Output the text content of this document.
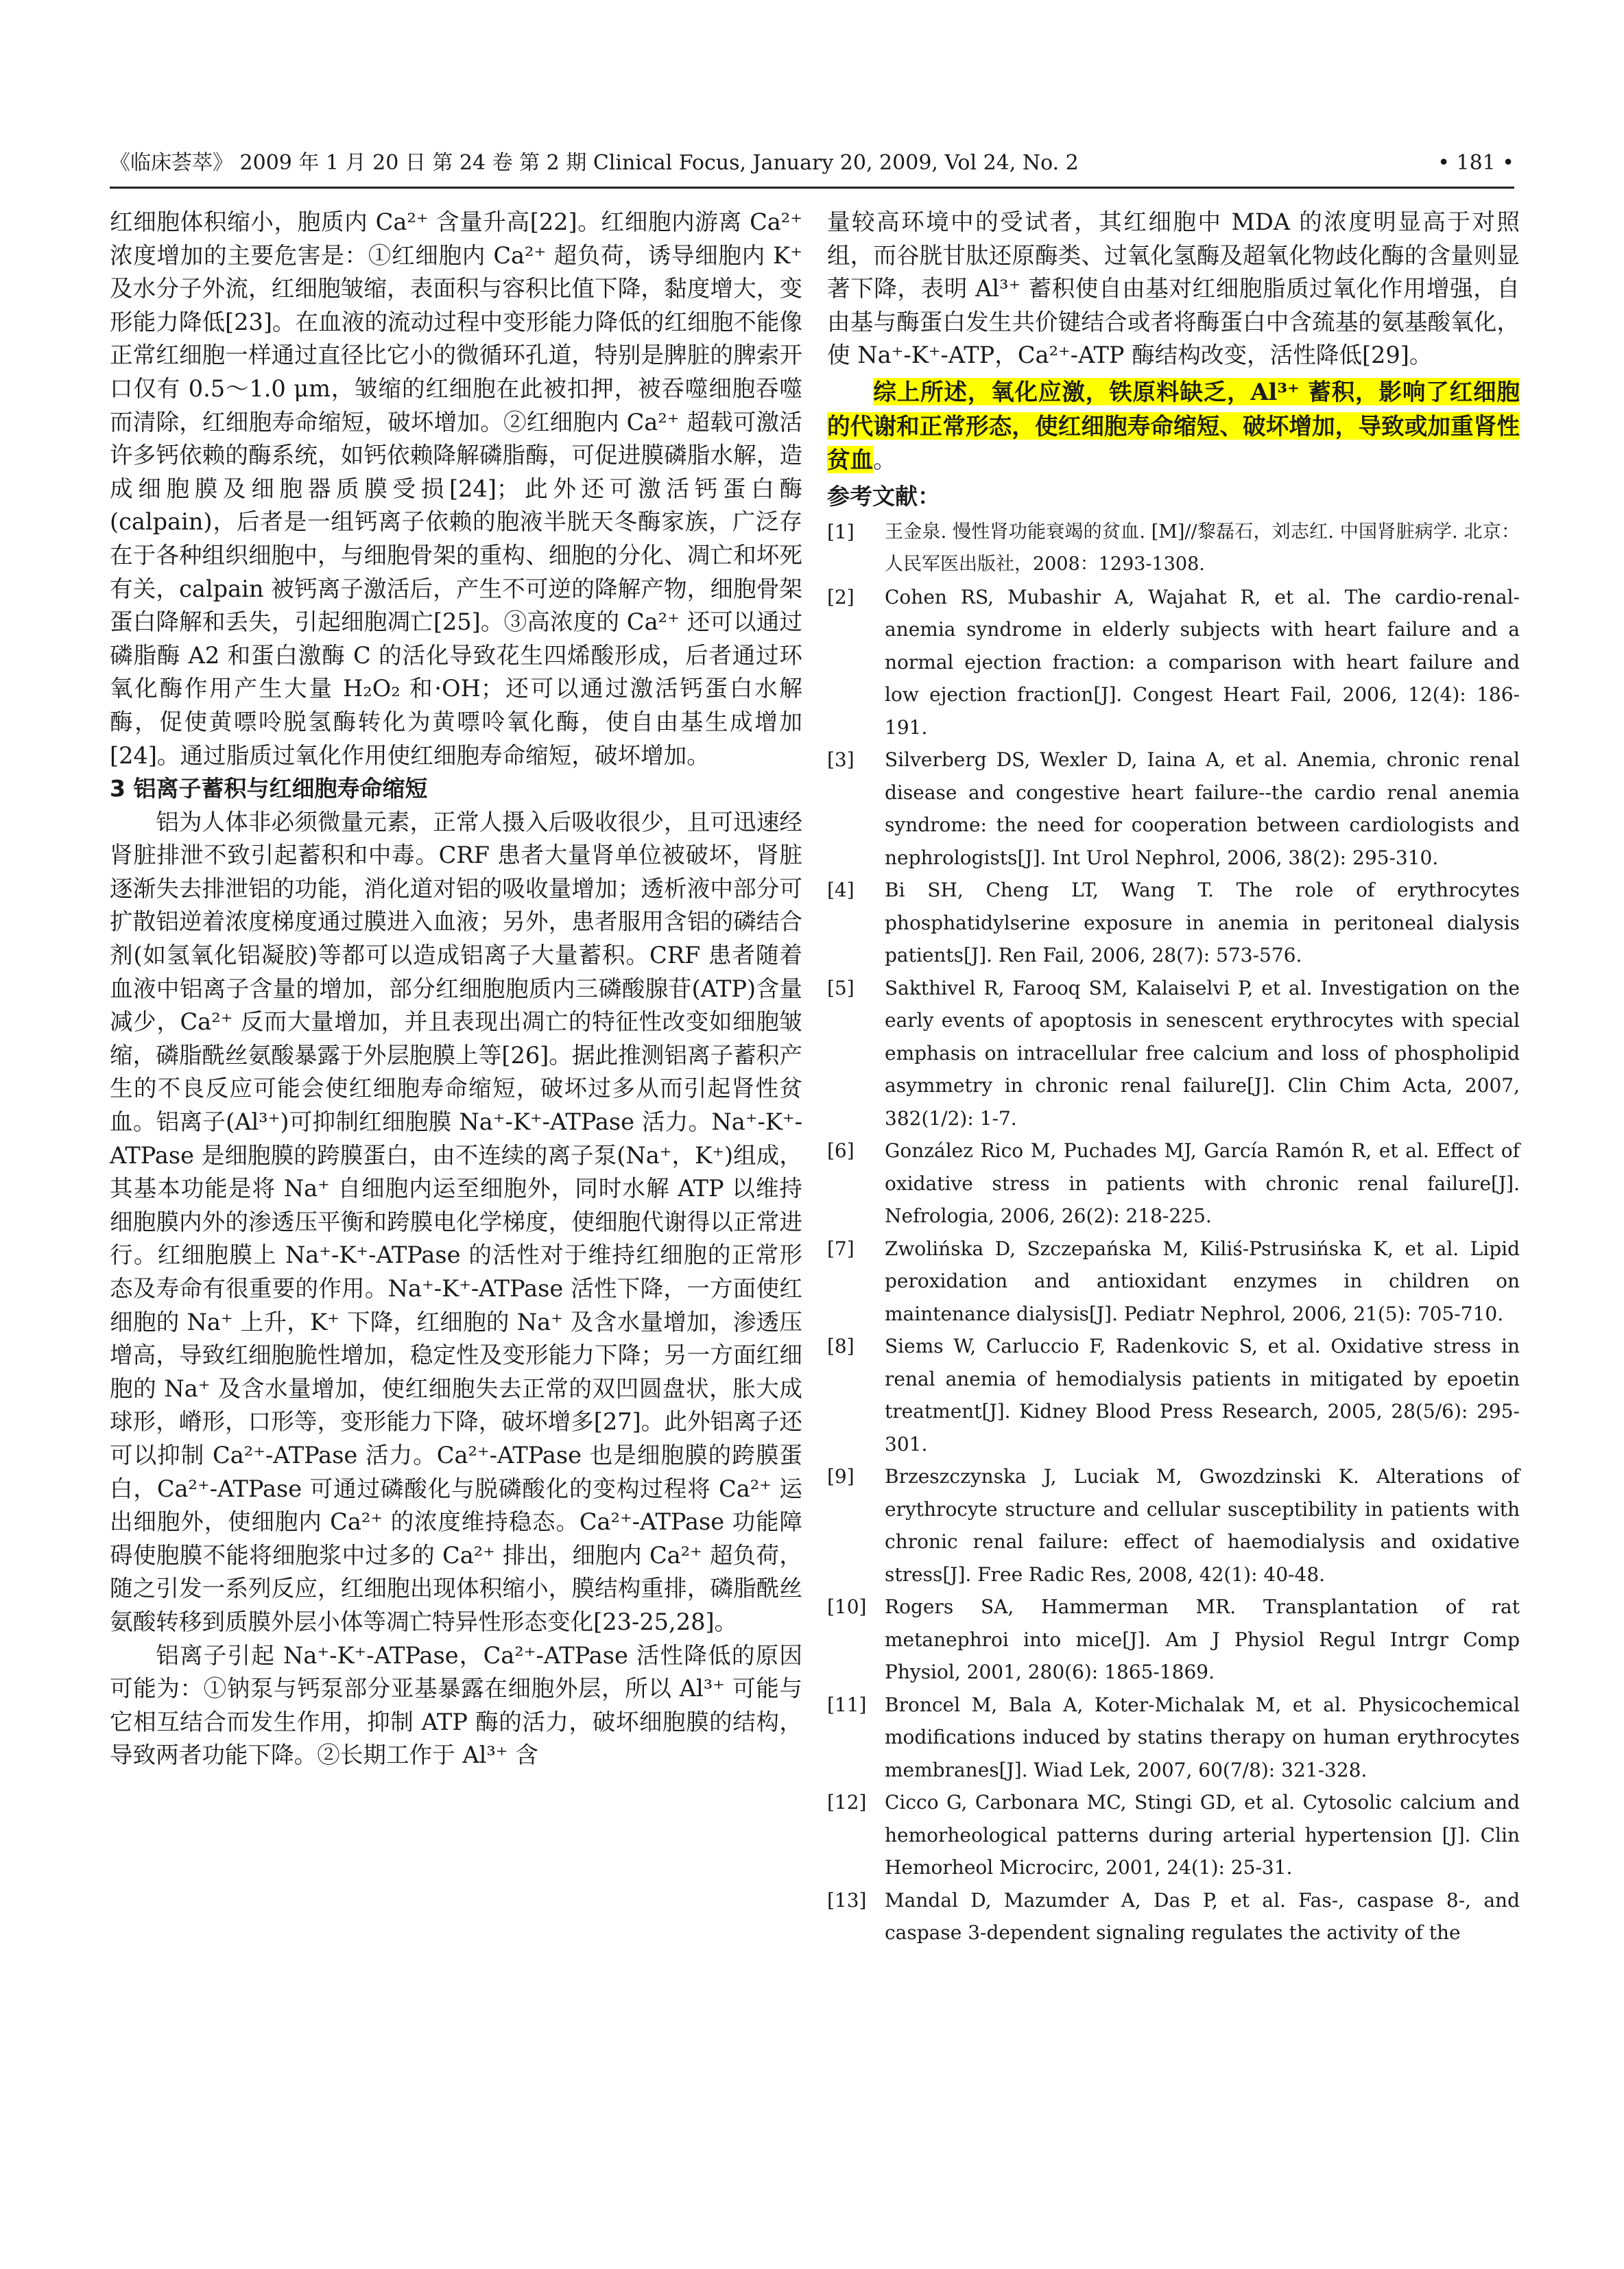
《临床荟萃》 2009 年 1 月 20 日 第 24 卷 第 2 期 Clinical Focus, January 20, 2009, Vol 24, No. 2	• 181 •

红细胞体积缩小，胞质内 Ca²⁺ 含量升高[22]。红细胞内游离 Ca²⁺ 浓度增加的主要危害是：①红细胞内 Ca²⁺ 超负荷，诱导细胞内 K⁺ 及水分子外流，红细胞皱缩，表面积与容积比值下降，黏度增大，变形能力降低[23]。在血液的流动过程中变形能力降低的红细胞不能像正常红细胞一样通过直径比它小的微循环孔道，特别是脾脏的脾索开口仅有 0.5～1.0 μm，皱缩的红细胞在此被扣押，被吞噬细胞吞噬而清除，红细胞寿命缩短，破坏增加。②红细胞内 Ca²⁺ 超载可激活许多钙依赖的酶系统，如钙依赖降解磷脂酶，可促进膜磷脂水解，造成细胞膜及细胞器质膜受损[24]；此外还可激活钙蛋白酶(calpain)，后者是一组钙离子依赖的胞液半胱天冬酶家族，广泛存在于各种组织细胞中，与细胞骨架的重构、细胞的分化、凋亡和坏死有关，calpain 被钙离子激活后，产生不可逆的降解产物，细胞骨架蛋白降解和丢失，引起细胞凋亡[25]。③高浓度的 Ca²⁺ 还可以通过磷脂酶 A2 和蛋白激酶 C 的活化导致花生四烯酸形成，后者通过环氧化酶作用产生大量 H₂O₂ 和·OH；还可以通过激活钙蛋白水解酶，促使黄嘌呤脱氢酶转化为黄嘌呤氧化酶，使自由基生成增加[24]。通过脂质过氧化作用使红细胞寿命缩短，破坏增加。

3 铝离子蓄积与红细胞寿命缩短

铝为人体非必须微量元素，正常人摄入后吸收很少，且可迅速经肾脏排泄不致引起蓄积和中毒。CRF 患者大量肾单位被破坏，肾脏逐渐失去排泄铝的功能，消化道对铝的吸收量增加；透析液中部分可扩散铝逆着浓度梯度通过膜进入血液；另外，患者服用含铝的磷结合剂(如氢氧化铝凝胶)等都可以造成铝离子大量蓄积。CRF 患者随着血液中铝离子含量的增加，部分红细胞胞质内三磷酸腺苷(ATP)含量减少，Ca²⁺ 反而大量增加，并且表现出凋亡的特征性改变如细胞皱缩，磷脂酰丝氨酸暴露于外层胞膜上等[26]。据此推测铝离子蓄积产生的不良反应可能会使红细胞寿命缩短，破坏过多从而引起肾性贫血。铝离子(Al³⁺)可抑制红细胞膜 Na⁺-K⁺-ATPase 活力。Na⁺-K⁺-ATPase 是细胞膜的跨膜蛋白，由不连续的离子泵(Na⁺，K⁺)组成，其基本功能是将 Na⁺ 自细胞内运至细胞外，同时水解 ATP 以维持细胞膜内外的渗透压平衡和跨膜电化学梯度，使细胞代谢得以正常进行。红细胞膜上 Na⁺-K⁺-ATPase 的活性对于维持红细胞的正常形态及寿命有很重要的作用。Na⁺-K⁺-ATPase 活性下降，一方面使红细胞的 Na⁺ 上升，K⁺ 下降，红细胞的 Na⁺ 及含水量增加，渗透压增高，导致红细胞脆性增加，稳定性及变形能力下降；另一方面红细胞的 Na⁺ 及含水量增加，使红细胞失去正常的双凹圆盘状，胀大成球形，嵴形，口形等，变形能力下降，破坏增多[27]。此外铝离子还可以抑制 Ca²⁺-ATPase 活力。Ca²⁺-ATPase 也是细胞膜的跨膜蛋白，Ca²⁺-ATPase 可通过磷酸化与脱磷酸化的变构过程将 Ca²⁺ 运出细胞外，使细胞内 Ca²⁺ 的浓度维持稳态。Ca²⁺-ATPase 功能障碍使胞膜不能将细胞浆中过多的 Ca²⁺ 排出，细胞内 Ca²⁺ 超负荷，随之引发一系列反应，红细胞出现体积缩小，膜结构重排，磷脂酰丝氨酸转移到质膜外层小体等凋亡特异性形态变化[23-25,28]。

铝离子引起 Na⁺-K⁺-ATPase，Ca²⁺-ATPase 活性降低的原因可能为：①钠泵与钙泵部分亚基暴露在细胞外层，所以 Al³⁺ 可能与它相互结合而发生作用，抑制 ATP 酶的活力，破坏细胞膜的结构，导致两者功能下降。②长期工作于 Al³⁺ 含

量较高环境中的受试者，其红细胞中 MDA 的浓度明显高于对照组，而谷胱甘肽还原酶类、过氧化氢酶及超氧化物歧化酶的含量则显著下降，表明 Al³⁺ 蓄积使自由基对红细胞脂质过氧化作用增强，自由基与酶蛋白发生共价键结合或者将酶蛋白中含巯基的氨基酸氧化，使 Na⁺-K⁺-ATP，Ca²⁺-ATP 酶结构改变，活性降低[29]。

综上所述，氧化应激，铁原料缺乏，Al³⁺ 蓄积，影响了红细胞的代谢和正常形态，使红细胞寿命缩短、破坏增加，导致或加重肾性贫血。

参考文献：

[1]	王金泉. 慢性肾功能衰竭的贫血. [M]//黎磊石，刘志红. 中国肾脏病学. 北京：人民军医出版社，2008：1293-1308.
[2]	Cohen RS, Mubashir A, Wajahat R, et al. The cardio-renal-anemia syndrome in elderly subjects with heart failure and a normal ejection fraction: a comparison with heart failure and low ejection fraction[J]. Congest Heart Fail, 2006, 12(4): 186-191.
[3]	Silverberg DS, Wexler D, Iaina A, et al. Anemia, chronic renal disease and congestive heart failure--the cardio renal anemia syndrome: the need for cooperation between cardiologists and nephrologists[J]. Int Urol Nephrol, 2006, 38(2): 295-310.
[4]	Bi SH, Cheng LT, Wang T. The role of erythrocytes phosphatidylserine exposure in anemia in peritoneal dialysis patients[J]. Ren Fail, 2006, 28(7): 573-576.
[5]	Sakthivel R, Farooq SM, Kalaiselvi P, et al. Investigation on the early events of apoptosis in senescent erythrocytes with special emphasis on intracellular free calcium and loss of phospholipid asymmetry in chronic renal failure[J]. Clin Chim Acta, 2007, 382(1/2): 1-7.
[6]	González Rico M, Puchades MJ, García Ramón R, et al. Effect of oxidative stress in patients with chronic renal failure[J]. Nefrologia, 2006, 26(2): 218-225.
[7]	Zwolińska D, Szczepańska M, Kiliś-Pstrusińska K, et al. Lipid peroxidation and antioxidant enzymes in children on maintenance dialysis[J]. Pediatr Nephrol, 2006, 21(5): 705-710.
[8]	Siems W, Carluccio F, Radenkovic S, et al. Oxidative stress in renal anemia of hemodialysis patients in mitigated by epoetin treatment[J]. Kidney Blood Press Research, 2005, 28(5/6): 295-301.
[9]	Brzeszczynska J, Luciak M, Gwozdzinski K. Alterations of erythrocyte structure and cellular susceptibility in patients with chronic renal failure: effect of haemodialysis and oxidative stress[J]. Free Radic Res, 2008, 42(1): 40-48.
[10] Rogers SA, Hammerman MR. Transplantation of rat metanephroi into mice[J]. Am J Physiol Regul Intrgr Comp Physiol, 2001, 280(6): 1865-1869.
[11] Broncel M, Bala A, Koter-Michalak M, et al. Physicochemical modifications induced by statins therapy on human erythrocytes membranes[J]. Wiad Lek, 2007, 60(7/8): 321-328.
[12] Cicco G, Carbonara MC, Stingi GD, et al. Cytosolic calcium and hemorheological patterns during arterial hypertension [J]. Clin Hemorheol Microcirc, 2001, 24(1): 25-31.
[13] Mandal D, Mazumder A, Das P, et al. Fas-, caspase 8-, and caspase 3-dependent signaling regulates the activity of the
